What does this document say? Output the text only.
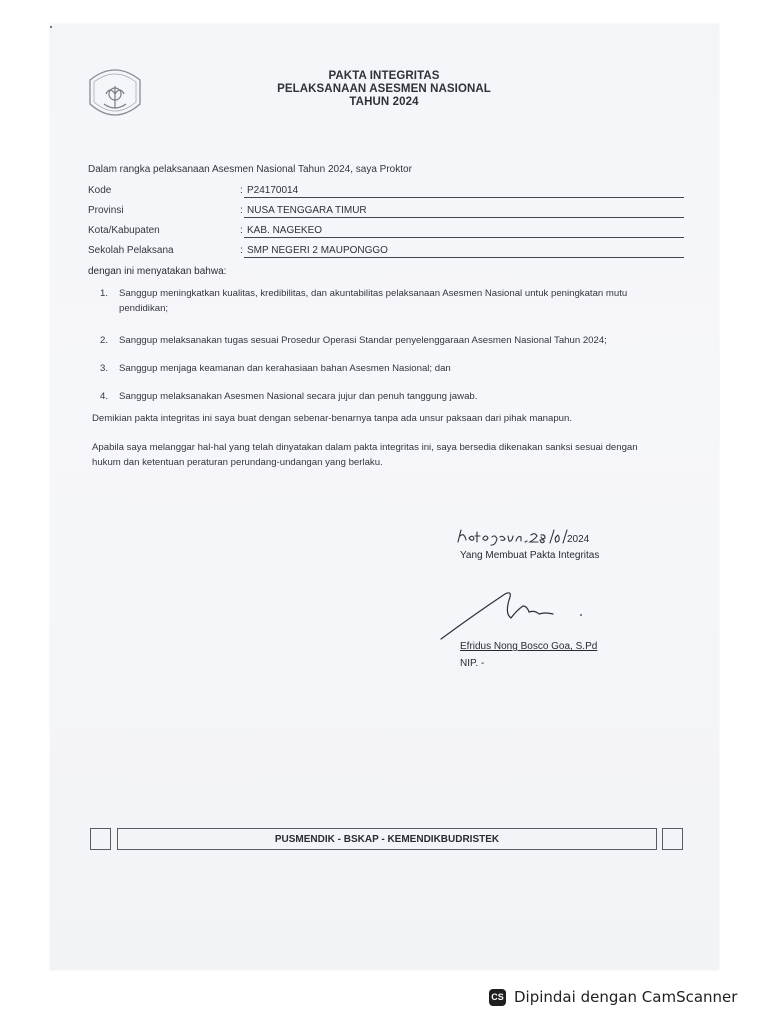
PAKTA INTEGRITAS
PELAKSANAAN ASESMEN NASIONAL
TAHUN 2024
Dalam rangka pelaksanaan Asesmen Nasional Tahun 2024, saya Proktor
Kode	: P24170014
Provinsi	: NUSA TENGGARA TIMUR
Kota/Kabupaten	: KAB. NAGEKEO
Sekolah Pelaksana	: SMP NEGERI 2 MAUPONGGO
dengan ini menyatakan bahwa:
1. Sanggup meningkatkan kualitas, kredibilitas, dan akuntabilitas pelaksanaan Asesmen Nasional untuk peningkatan mutu pendidikan;
2. Sanggup melaksanakan tugas sesuai Prosedur Operasi Standar penyelenggaraan Asesmen Nasional Tahun 2024;
3. Sanggup menjaga keamanan dan kerahasiaan bahan Asesmen Nasional; dan
4. Sanggup melaksanakan Asesmen Nasional secara jujur dan penuh tanggung jawab.
Demikian pakta integritas ini saya buat dengan sebenar-benarnya tanpa ada unsur paksaan dari pihak manapun.
Apabila saya melanggar hal-hal yang telah dinyatakan dalam pakta integritas ini, saya bersedia dikenakan sanksi sesuai dengan hukum dan ketentuan peraturan perundang-undangan yang berlaku.
2024
Yang Membuat Pakta Integritas
Efridus Nong Bosco Goa, S.Pd
NIP. -
PUSMENDIK - BSKAP - KEMENDIKBUDRISTEK
CS Dipindai dengan CamScanner
